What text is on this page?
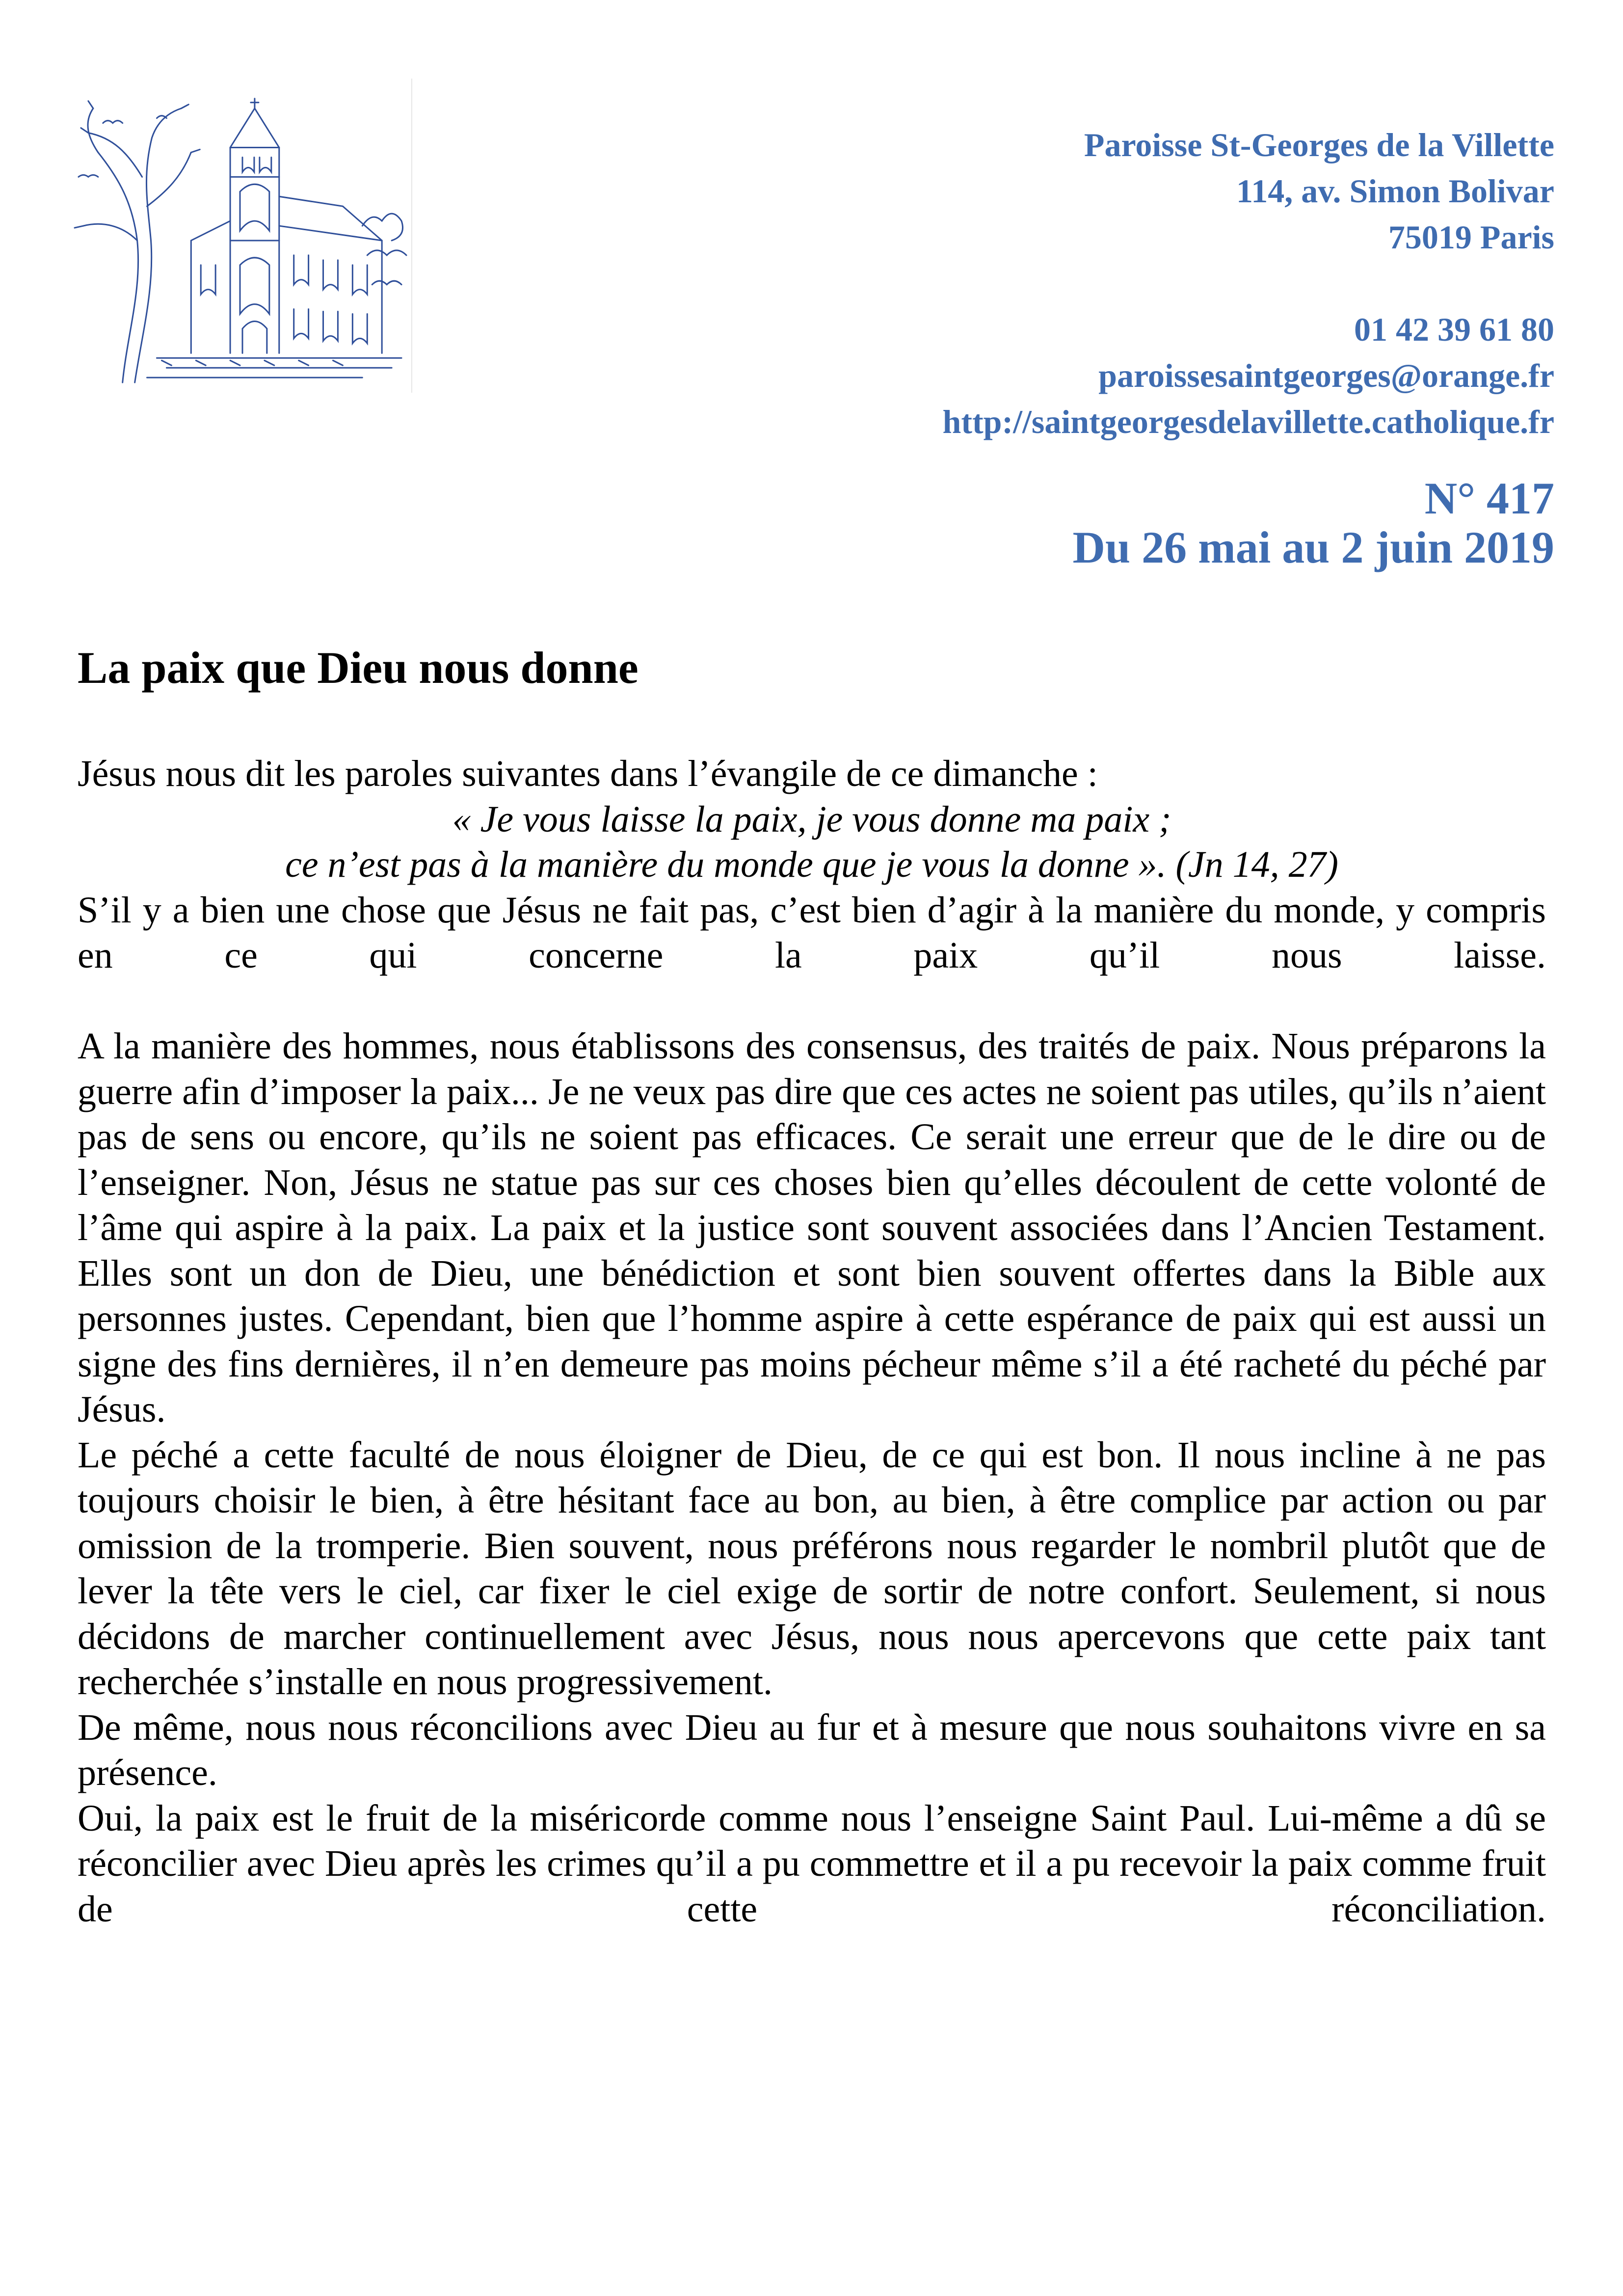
Paroisse St-Georges de la Villette
114, av. Simon Bolivar
75019 Paris
01 42 39 61 80
paroissesaintgeorges@orange.fr
http://saintgeorgesdelavillette.catholique.fr
N° 417
Du 26 mai au 2 juin 2019
La paix que Dieu nous donne

Jésus nous dit les paroles suivantes dans l’évangile de ce dimanche :

« Je vous laisse la paix, je vous donne ma paix ;

ce n’est pas à la manière du monde que je vous la donne ». (Jn 14, 27)

S’il y a bien une chose que Jésus ne fait pas, c’est bien d’agir à la manière du monde, y compris en ce qui concerne la paix qu’il nous laisse.

A la manière des hommes, nous établissons des consensus, des traités de paix. Nous préparons la guerre afin d’imposer la paix... Je ne veux pas dire que ces actes ne soient pas utiles, qu’ils n’aient pas de sens ou encore, qu’ils ne soient pas efficaces. Ce serait une erreur que de le dire ou de l’enseigner. Non, Jésus ne statue pas sur ces choses bien qu’elles découlent de cette volonté de l’âme qui aspire à la paix. La paix et la justice sont souvent associées dans l’Ancien Testament. Elles sont un don de Dieu, une bénédiction et sont bien souvent offertes dans la Bible aux personnes justes. Cependant, bien que l’homme aspire à cette espérance de paix qui est aussi un signe des fins dernières, il n’en demeure pas moins pécheur même s’il a été racheté du péché par Jésus.

Le péché a cette faculté de nous éloigner de Dieu, de ce qui est bon. Il nous incline à ne pas toujours choisir le bien, à être hésitant face au bon, au bien, à être complice par action ou par omission de la tromperie. Bien souvent, nous préférons nous regarder le nombril plutôt que de lever la tête vers le ciel, car fixer le ciel exige de sortir de notre confort. Seulement, si nous décidons de marcher continuellement avec Jésus, nous nous apercevons que cette paix tant recherchée s’installe en nous progressivement.

De même, nous nous réconcilions avec Dieu au fur et à mesure que nous souhaitons vivre en sa présence.

Oui, la paix est le fruit de la miséricorde comme nous l’enseigne Saint Paul. Lui-même a dû se réconcilier avec Dieu après les crimes qu’il a pu commettre et il a pu recevoir la paix comme fruit de cette réconciliation.
